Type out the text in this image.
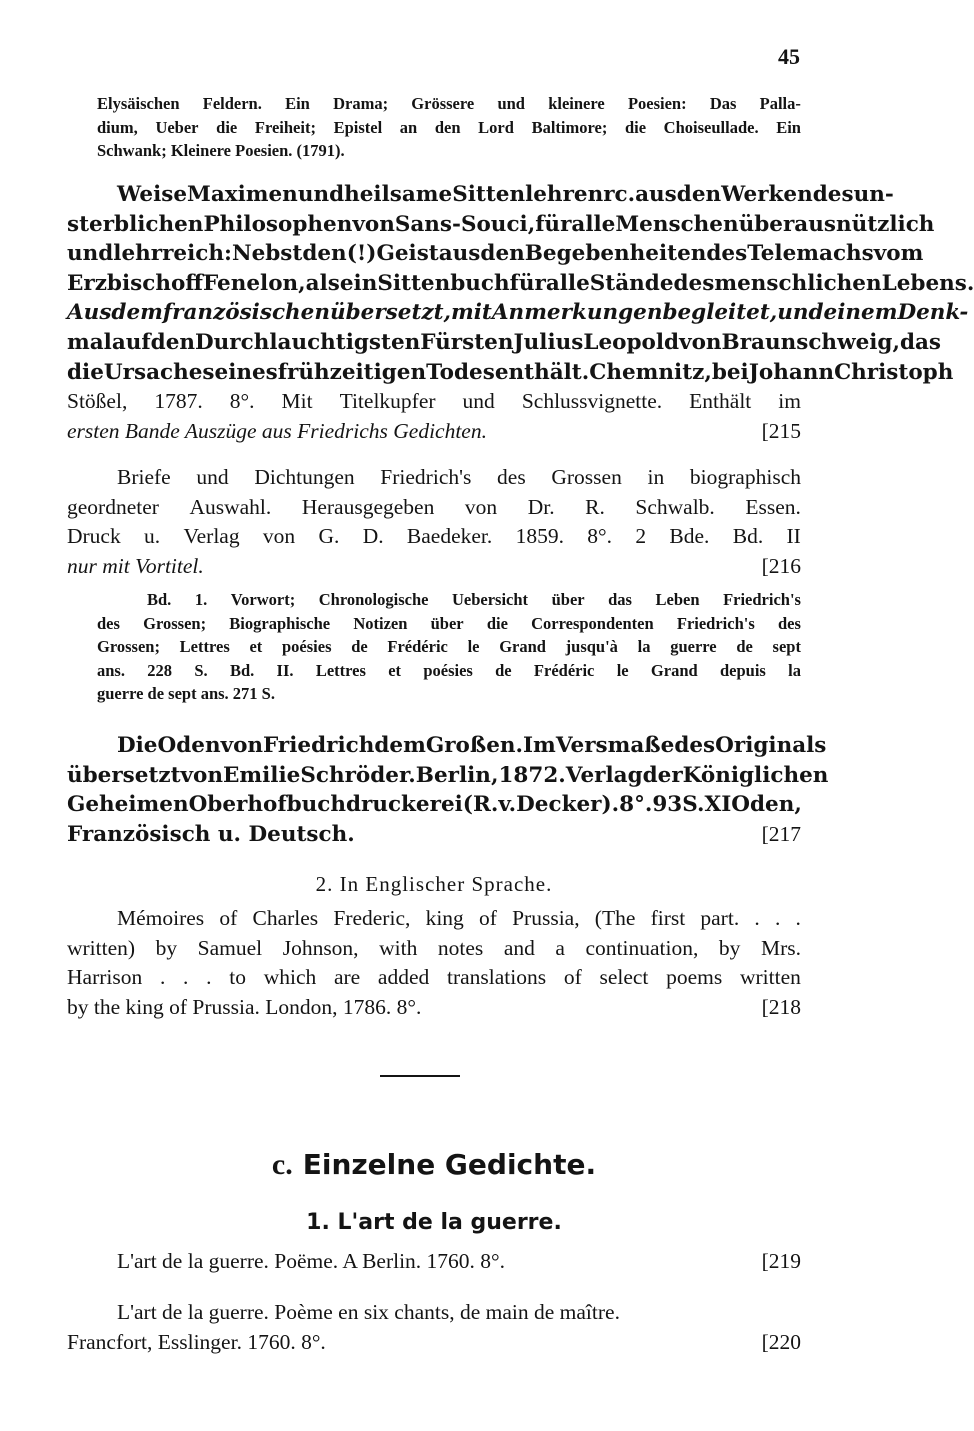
45
Elysäischen Feldern. Ein Drama; Grössere und kleinere Poesien: Das Palla-
dium, Ueber die Freiheit; Epistel an den Lord Baltimore; die Choiseullade. Ein
Schwank; Kleinere Poesien. (1791).
Weise Maximen und heilsame Sittenlehren rc. aus den Werken des un-
sterblichen Philosophen von Sans-Souci, für alle Menschen überaus nützlich
und lehrreich: Nebst den (!) Geist aus den Begebenheiten des Telemachs vom
Erzbischoff Fenelon, als ein Sittenbuch für alle Stände des menschlichen Lebens.
Aus dem französischen übersetzt, mit Anmerkungen begleitet, und einem Denk-
mal auf den Durchlauchtigsten Fürsten Julius Leopold von Braunschweig, das
die Ursache seines frühzeitigen Todes enthält. Chemnitz, bei Johann Christoph
Stößel, 1787. 8°. Mit Titelkupfer und Schlussvignette. Enthält im
ersten Bande Auszüge aus Friedrichs Gedichten.	[215
Briefe und Dichtungen Friedrich's des Grossen in biographisch
geordneter Auswahl. Herausgegeben von Dr. R. Schwalb. Essen.
Druck u. Verlag von G. D. Baedeker. 1859. 8°. 2 Bde. Bd. II
nur mit Vortitel.	[216
Bd. 1. Vorwort; Chronologische Uebersicht über das Leben Friedrich's
des Grossen; Biographische Notizen über die Correspondenten Friedrich's des
Grossen; Lettres et poésies de Frédéric le Grand jusqu'à la guerre de sept
ans. 228 S. Bd. II. Lettres et poésies de Frédéric le Grand depuis la
guerre de sept ans. 271 S.
Die Oden von Friedrich dem Großen. Im Versmaße des Originals
übersetzt von Emilie Schröder. Berlin, 1872. Verlag der Königlichen
Geheimen Oberhofbuchdruckerei (R. v. Decker). 8°. 93 S. XI Oden,
Französisch u. Deutsch.	[217
2. In Englischer Sprache.
Mémoires of Charles Frederic, king of Prussia, (The first part. . . .
written) by Samuel Johnson, with notes and a continuation, by Mrs.
Harrison . . . to which are added translations of select poems written
by the king of Prussia. London, 1786. 8°.	[218
c. Einzelne Gedichte.
1. L'art de la guerre.
L'art de la guerre. Poëme. A Berlin. 1760. 8°.	[219
L'art de la guerre. Poème en six chants, de main de maître.
Francfort, Esslinger. 1760. 8°.	[220
